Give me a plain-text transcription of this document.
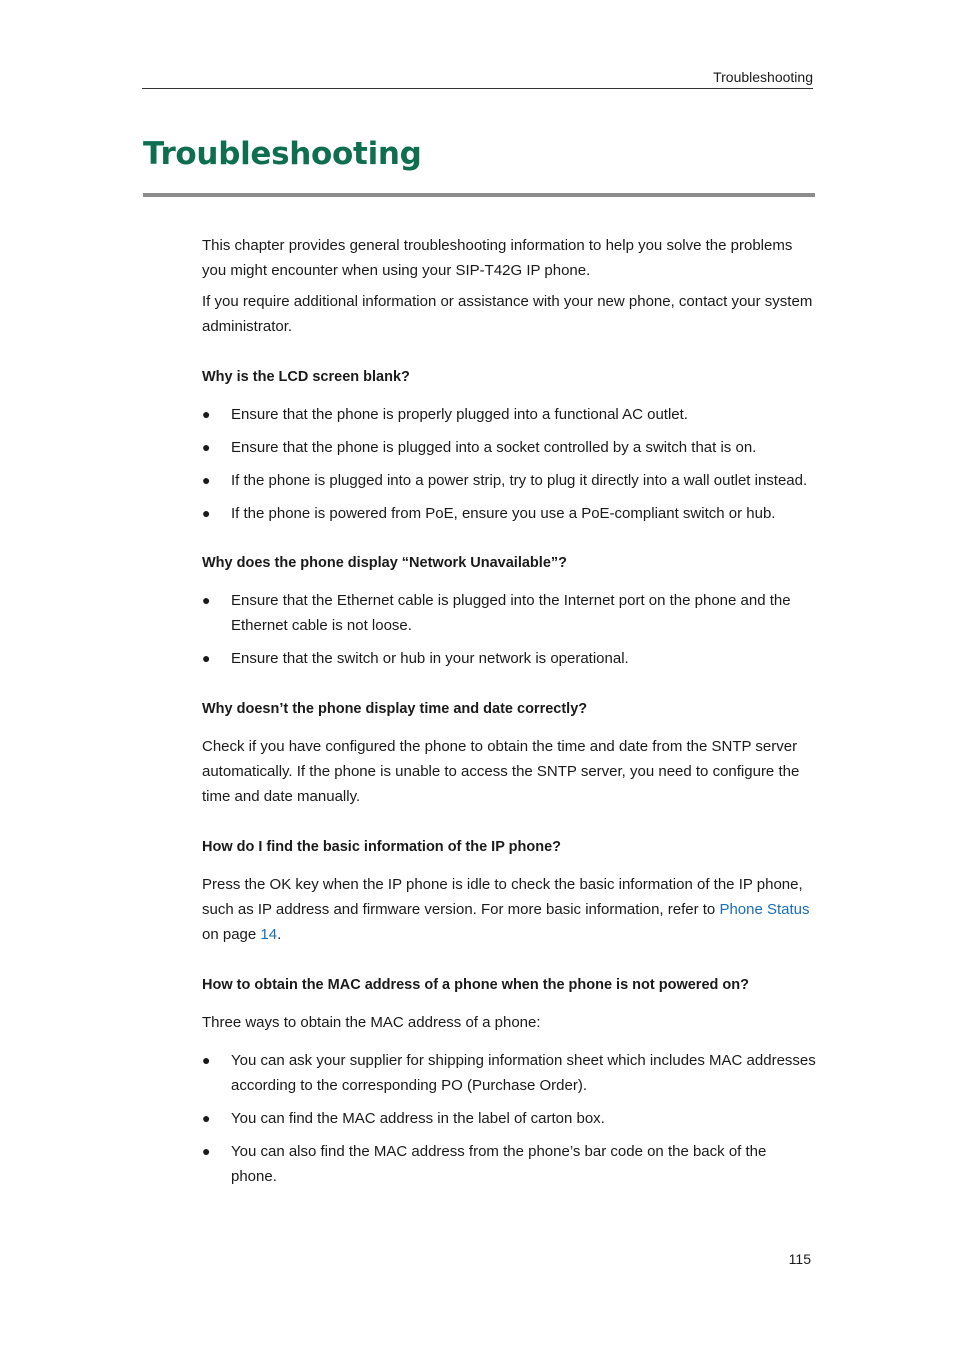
Troubleshooting
Troubleshooting

This chapter provides general troubleshooting information to help you solve the problems you might encounter when using your SIP-T42G IP phone.

If you require additional information or assistance with your new phone, contact your system administrator.

Why is the LCD screen blank?

● Ensure that the phone is properly plugged into a functional AC outlet.
● Ensure that the phone is plugged into a socket controlled by a switch that is on.
● If the phone is plugged into a power strip, try to plug it directly into a wall outlet instead.
● If the phone is powered from PoE, ensure you use a PoE-compliant switch or hub.

Why does the phone display “Network Unavailable”?

● Ensure that the Ethernet cable is plugged into the Internet port on the phone and the Ethernet cable is not loose.
● Ensure that the switch or hub in your network is operational.

Why doesn’t the phone display time and date correctly?

Check if you have configured the phone to obtain the time and date from the SNTP server automatically. If the phone is unable to access the SNTP server, you need to configure the time and date manually.

How do I find the basic information of the IP phone?

Press the OK key when the IP phone is idle to check the basic information of the IP phone, such as IP address and firmware version. For more basic information, refer to Phone Status on page 14.

How to obtain the MAC address of a phone when the phone is not powered on?

Three ways to obtain the MAC address of a phone:

● You can ask your supplier for shipping information sheet which includes MAC addresses according to the corresponding PO (Purchase Order).
● You can find the MAC address in the label of carton box.
● You can also find the MAC address from the phone’s bar code on the back of the phone.
115
